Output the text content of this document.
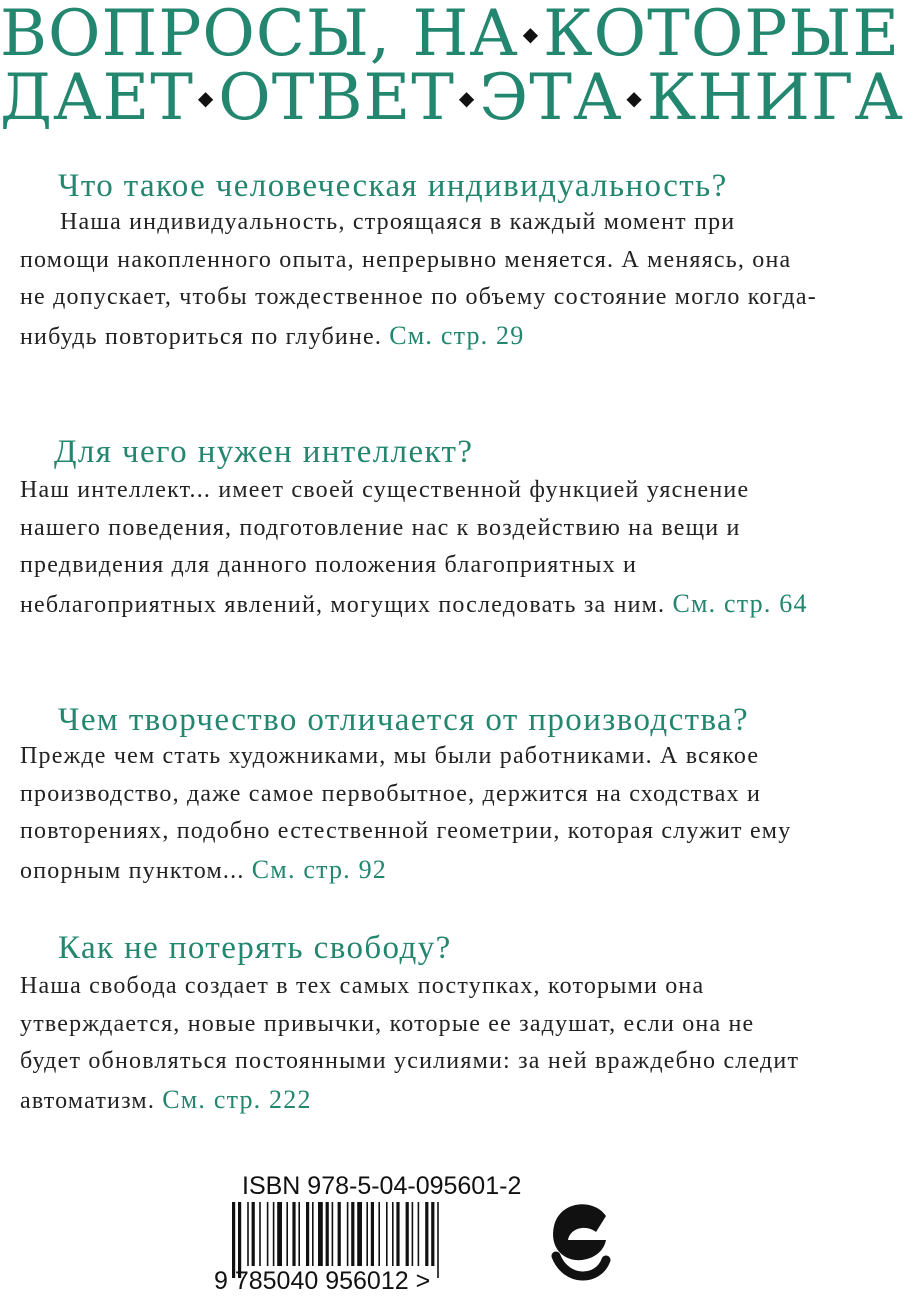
ВОПРОСЫ, НА ◆КОТОРЫЕ
ДАЕТ ◆ОТВЕТ ◆ЭТА ◆КНИГА
Что такое человеческая индивидуальность?
Наша индивидуальность, строящаяся в каждый момент при помощи накопленного опыта, непрерывно меняется. А меняясь, она не допускает, чтобы тождественное по объему состояние могло когда-нибудь повториться по глубине. См. стр. 29
Для чего нужен интеллект?
Наш интеллект... имеет своей существенной функцией уяснение нашего поведения, подготовление нас к воздействию на вещи и предвидения для данного положения благоприятных и неблагоприятных явлений, могущих последовать за ним. См. стр. 64
Чем творчество отличается от производства?
Прежде чем стать художниками, мы были работниками. А всякое производство, даже самое первобытное, держится на сходствах и повторениях, подобно естественной геометрии, которая служит ему опорным пунктом... См. стр. 92
Как не потерять свободу?
Наша свобода создает в тех самых поступках, которыми она утверждается, новые привычки, которые ее задушат, если она не будет обновляться постоянными усилиями: за ней враждебно следит автоматизм. См. стр. 222
ISBN 978-5-04-095601-2
9 785040 956012 >
